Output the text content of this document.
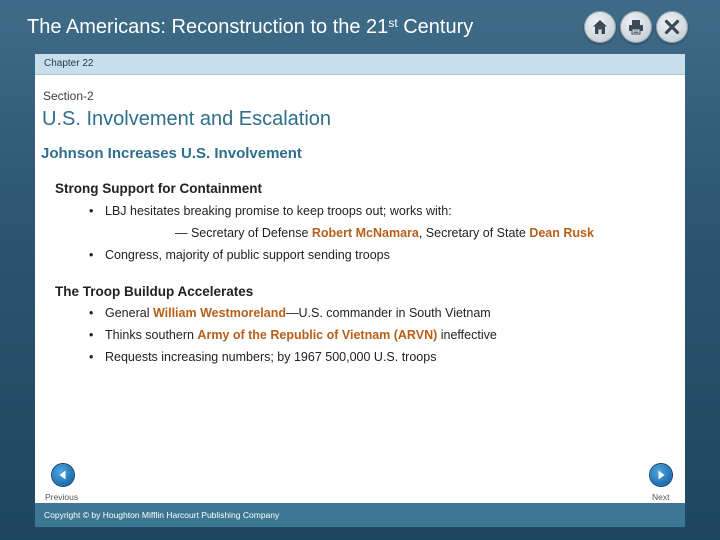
The Americans: Reconstruction to the 21st Century
Chapter 22
Section-2
U.S. Involvement and Escalation
Johnson Increases U.S. Involvement
Strong Support for Containment
• LBJ hesitates breaking promise to keep troops out; works with:
— Secretary of Defense Robert McNamara, Secretary of State Dean Rusk
• Congress, majority of public support sending troops
The Troop Buildup Accelerates
• General William Westmoreland—U.S. commander in South Vietnam
• Thinks southern Army of the Republic of Vietnam (ARVN) ineffective
• Requests increasing numbers; by 1967 500,000 U.S. troops
Previous	Next
Copyright © by Houghton Mifflin Harcourt Publishing Company
